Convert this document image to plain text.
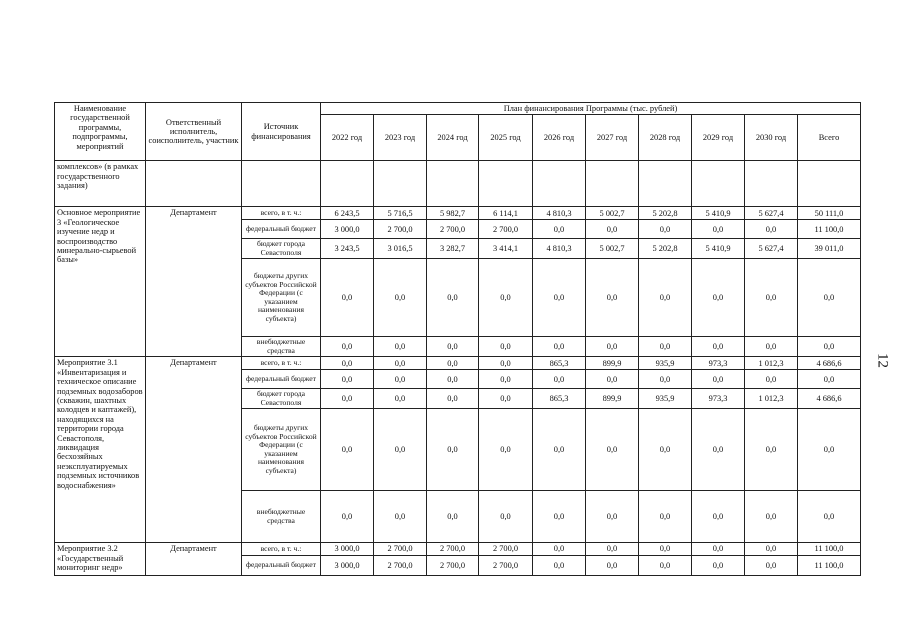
Наименование государственной программы, подпрограммы, мероприятий	Ответственный исполнитель, соисполнитель, участник	Источник финансирования	План финансирования Программы (тыс. рублей)									
			2022 год	2023 год	2024 год	2025 год	2026 год	2027 год	2028 год	2029 год	2030 год	Всего
комплексов» (в рамках государственного задания)												
Основное мероприятие 3 «Геологическое изучение недр и воспроизводство минерально-сырьевой базы»	Департамент	всего, в т. ч.:	6 243,5	5 716,5	5 982,7	6 114,1	4 810,3	5 002,7	5 202,8	5 410,9	5 627,4	50 111,0
		федеральный бюджет	3 000,0	2 700,0	2 700,0	2 700,0	0,0	0,0	0,0	0,0	0,0	11 100,0
		бюджет города Севастополя	3 243,5	3 016,5	3 282,7	3 414,1	4 810,3	5 002,7	5 202,8	5 410,9	5 627,4	39 011,0
		бюджеты других субъектов Российской Федерации (с указанием наименования субъекта)	0,0	0,0	0,0	0,0	0,0	0,0	0,0	0,0	0,0	0,0
		внебюджетные средства	0,0	0,0	0,0	0,0	0,0	0,0	0,0	0,0	0,0	0,0
Мероприятие 3.1 «Инвентаризация и техническое описание подземных водозаборов (скважин, шахтных колодцев и каптажей), находящихся на территории города Севастополя, ликвидация бесхозяйных неэксплуатируемых подземных источников водоснабжения»	Департамент	всего, в т. ч.:	0,0	0,0	0,0	0,0	865,3	899,9	935,9	973,3	1 012,3	4 686,6
		федеральный бюджет	0,0	0,0	0,0	0,0	0,0	0,0	0,0	0,0	0,0	0,0
		бюджет города Севастополя	0,0	0,0	0,0	0,0	865,3	899,9	935,9	973,3	1 012,3	4 686,6
		бюджеты других субъектов Российской Федерации (с указанием наименования субъекта)	0,0	0,0	0,0	0,0	0,0	0,0	0,0	0,0	0,0	0,0
		внебюджетные средства	0,0	0,0	0,0	0,0	0,0	0,0	0,0	0,0	0,0	0,0
Мероприятие 3.2 «Государственный мониторинг недр»	Департамент	всего, в т. ч.:	3 000,0	2 700,0	2 700,0	2 700,0	0,0	0,0	0,0	0,0	0,0	11 100,0
		федеральный бюджет	3 000,0	2 700,0	2 700,0	2 700,0	0,0	0,0	0,0	0,0	0,0	11 100,0
12
